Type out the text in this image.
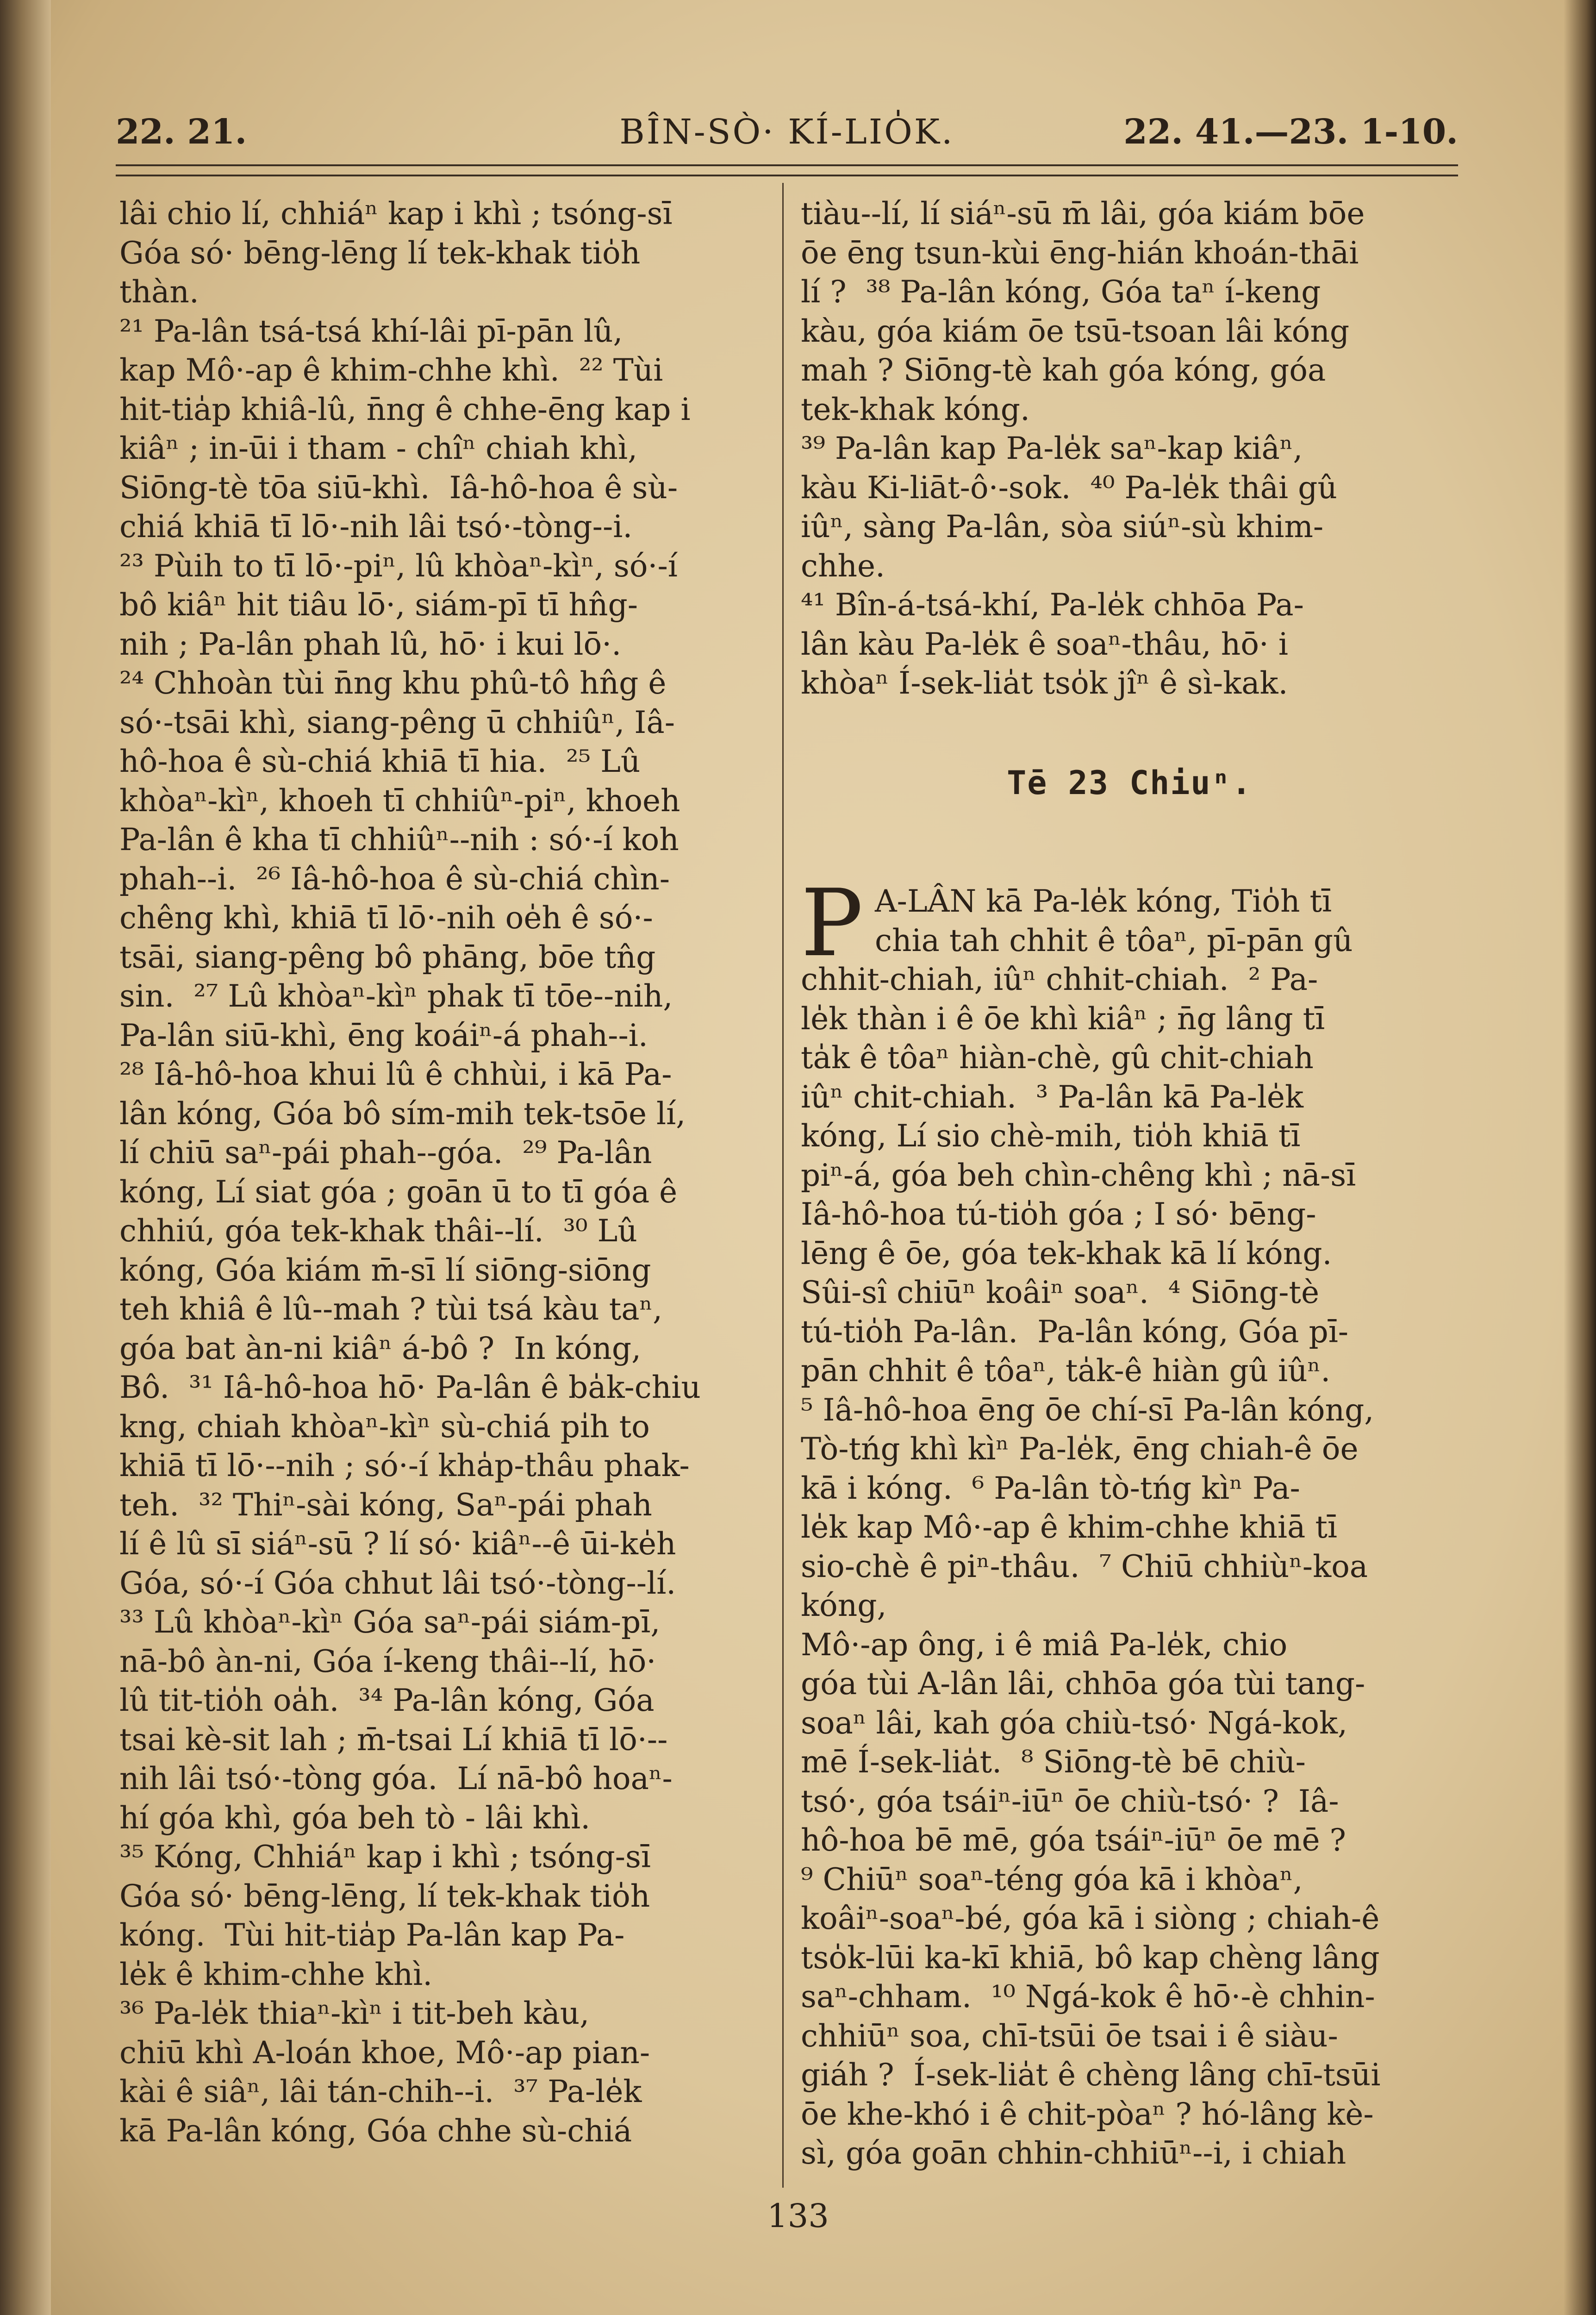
22. 21.	BÎN-SÒ· KÍ-LIO̍K.	22. 41.—23. 1-10.
lâi chio lí, chhiáⁿ kap i khì ; tsóng-sī
Góa só· bēng-lēng lí tek-khak tio̍h
thàn.
²¹ Pa-lân tsá-tsá khí-lâi pī-pān lû,
kap Mô·-ap ê khim-chhe khì.  ²² Tùi
hit-tia̍p khiâ-lû, n̄ng ê chhe-ēng kap i
kiâⁿ ; in-ūi i tham - chîⁿ chiah khì,
Siōng-tè tōa siū-khì.  Iâ-hô-hoa ê sù-
chiá khiā tī lō·-nih lâi tsó·-tòng--i.
²³ Pùih to tī lō·-piⁿ, lû khòaⁿ-kìⁿ, só·-í
bô kiâⁿ hit tiâu lō·, siám-pī tī hn̂g-
nih ; Pa-lân phah lû, hō· i kui lō·.
²⁴ Chhoàn tùi n̄ng khu phû-tô hn̂g ê
só·-tsāi khì, siang-pêng ū chhiûⁿ, Iâ-
hô-hoa ê sù-chiá khiā tī hia.  ²⁵ Lû
khòaⁿ-kìⁿ, khoeh tī chhiûⁿ-piⁿ, khoeh
Pa-lân ê kha tī chhiûⁿ--nih : só·-í koh
phah--i.  ²⁶ Iâ-hô-hoa ê sù-chiá chìn-
chêng khì, khiā tī lō·-nih oe̍h ê só·-
tsāi, siang-pêng bô phāng, bōe tn̂g
sin.  ²⁷ Lû khòaⁿ-kìⁿ phak tī tōe--nih,
Pa-lân siū-khì, ēng koáiⁿ-á phah--i.
²⁸ Iâ-hô-hoa khui lû ê chhùi, i kā Pa-
lân kóng, Góa bô sím-mih tek-tsōe lí,
lí chiū saⁿ-pái phah--góa.  ²⁹ Pa-lân
kóng, Lí siat góa ; goān ū to tī góa ê
chhiú, góa tek-khak thâi--lí.  ³⁰ Lû
kóng, Góa kiám m̄-sī lí siōng-siōng
teh khiâ ê lû--mah ? tùi tsá kàu taⁿ,
góa bat àn-ni kiâⁿ á-bô ?  In kóng,
Bô.  ³¹ Iâ-hô-hoa hō· Pa-lân ê ba̍k-chiu
kng, chiah khòaⁿ-kìⁿ sù-chiá pi̍h to
khiā tī lō·--nih ; só·-í kha̍p-thâu phak-
teh.  ³² Thiⁿ-sài kóng, Saⁿ-pái phah
lí ê lû sī siáⁿ-sū ? lí só· kiâⁿ--ê ūi-ke̍h
Góa, só·-í Góa chhut lâi tsó·-tòng--lí.
³³ Lû khòaⁿ-kìⁿ Góa saⁿ-pái siám-pī,
nā-bô àn-ni, Góa í-keng thâi--lí, hō·
lû tit-tio̍h oa̍h.  ³⁴ Pa-lân kóng, Góa
tsai kè-sit lah ; m̄-tsai Lí khiā tī lō·--
nih lâi tsó·-tòng góa.  Lí nā-bô hoaⁿ-
hí góa khì, góa beh tò - lâi khì.
³⁵ Kóng, Chhiáⁿ kap i khì ; tsóng-sī
Góa só· bēng-lēng, lí tek-khak tio̍h
kóng.  Tùi hit-tia̍p Pa-lân kap Pa-
le̍k ê khim-chhe khì.
³⁶ Pa-le̍k thiaⁿ-kìⁿ i tit-beh kàu,
chiū khì A-loán khoe, Mô·-ap pian-
kài ê siâⁿ, lâi tán-chih--i.  ³⁷ Pa-le̍k
kā Pa-lân kóng, Góa chhe sù-chiá
tiàu--lí, lí siáⁿ-sū m̄ lâi, góa kiám bōe
ōe ēng tsun-kùi ēng-hián khoán-thāi
lí ?  ³⁸ Pa-lân kóng, Góa taⁿ í-keng
kàu, góa kiám ōe tsū-tsoan lâi kóng
mah ? Siōng-tè kah góa kóng, góa
tek-khak kóng.
³⁹ Pa-lân kap Pa-le̍k saⁿ-kap kiâⁿ,
kàu Ki-liāt-ô·-sok.  ⁴⁰ Pa-le̍k thâi gû
iûⁿ, sàng Pa-lân, sòa siúⁿ-sù khim-
chhe.
⁴¹ Bîn-á-tsá-khí, Pa-le̍k chhōa Pa-
lân kàu Pa-le̍k ê soaⁿ-thâu, hō· i
khòaⁿ Í-sek-lia̍t tso̍k jîⁿ ê sì-kak.
Tē 23 Chiuⁿ.
P A-LÂN kā Pa-le̍k kóng, Tio̍h tī
chia tah chhit ê tôaⁿ, pī-pān gû
chhit-chiah, iûⁿ chhit-chiah.  ² Pa-
le̍k thàn i ê ōe khì kiâⁿ ; n̄g lâng tī
ta̍k ê tôaⁿ hiàn-chè, gû chit-chiah
iûⁿ chit-chiah.  ³ Pa-lân kā Pa-le̍k
kóng, Lí sio chè-mih, tio̍h khiā tī
piⁿ-á, góa beh chìn-chêng khì ; nā-sī
Iâ-hô-hoa tú-tio̍h góa ; I só· bēng-
lēng ê ōe, góa tek-khak kā lí kóng.
Sûi-sî chiūⁿ koâiⁿ soaⁿ.  ⁴ Siōng-tè
tú-tio̍h Pa-lân.  Pa-lân kóng, Góa pī-
pān chhit ê tôaⁿ, ta̍k-ê hiàn gû iûⁿ.
⁵ Iâ-hô-hoa ēng ōe chí-sī Pa-lân kóng,
Tò-tńg khì kìⁿ Pa-le̍k, ēng chiah-ê ōe
kā i kóng.  ⁶ Pa-lân tò-tńg kìⁿ Pa-
le̍k kap Mô·-ap ê khim-chhe khiā tī
sio-chè ê piⁿ-thâu.  ⁷ Chiū chhiùⁿ-koa
kóng,
Mô·-ap ông, i ê miâ Pa-le̍k, chio
góa tùi A-lân lâi, chhōa góa tùi tang-
soaⁿ lâi, kah góa chiù-tsó· Ngá-kok,
mē Í-sek-lia̍t.  ⁸ Siōng-tè bē chiù-
tsó·, góa tsáiⁿ-iūⁿ ōe chiù-tsó· ?  Iâ-
hô-hoa bē mē, góa tsáiⁿ-iūⁿ ōe mē ?
⁹ Chiūⁿ soaⁿ-téng góa kā i khòaⁿ,
koâiⁿ-soaⁿ-bé, góa kā i siòng ; chiah-ê
tso̍k-lūi ka-kī khiā, bô kap chèng lâng
saⁿ-chham.  ¹⁰ Ngá-kok ê hō·-è chhin-
chhiūⁿ soa, chī-tsūi ōe tsai i ê siàu-
giáh ?  Í-sek-lia̍t ê chèng lâng chī-tsūi
ōe khe-khó i ê chit-pòaⁿ ? hó-lâng kè-
sì, góa goān chhin-chhiūⁿ--i, i chiah
133
